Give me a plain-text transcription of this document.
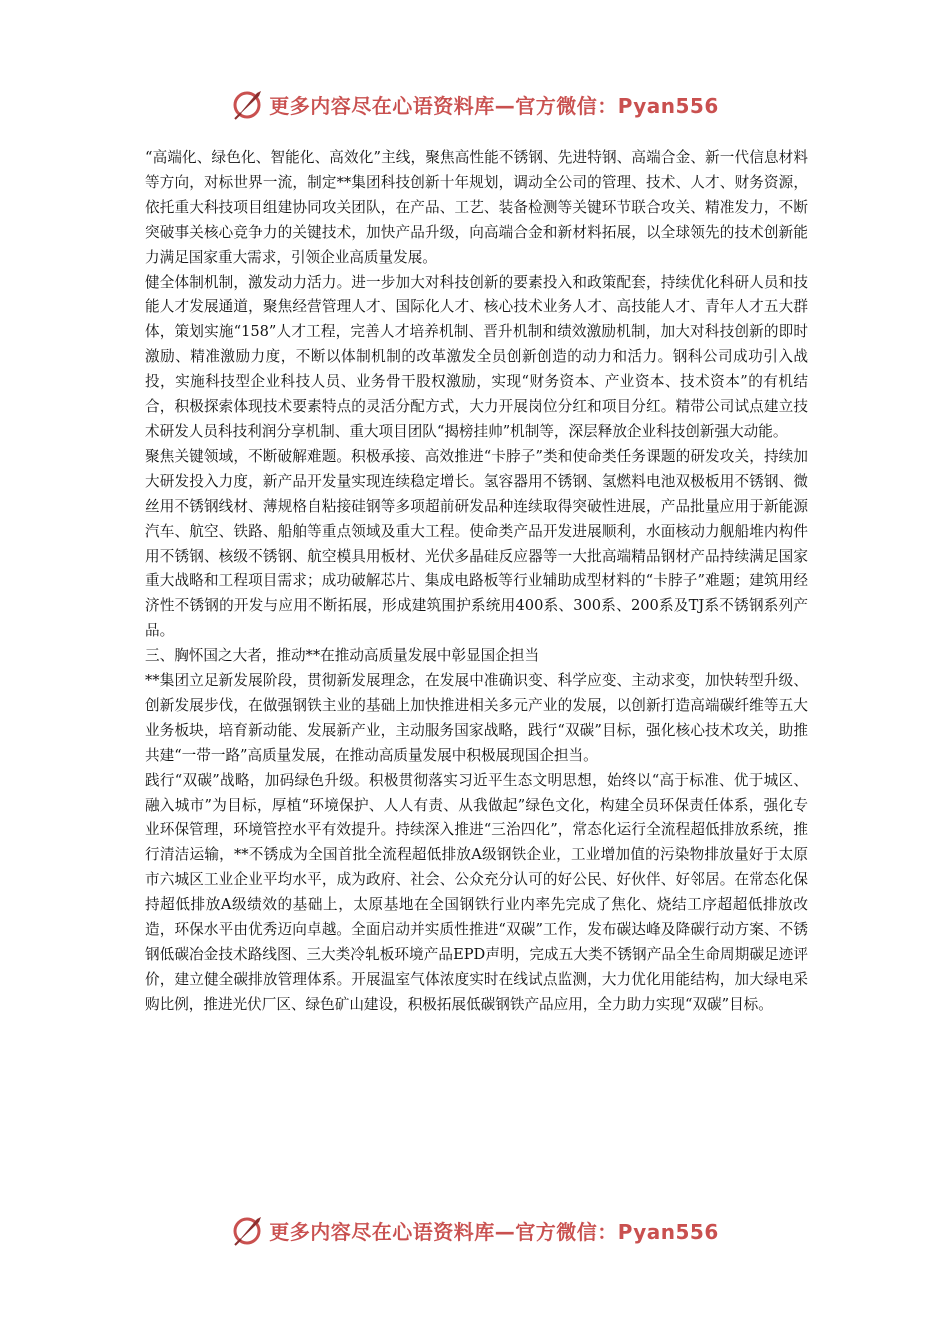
更多内容尽在心语资料库—官方微信：Pyan556

“高端化、绿色化、智能化、高效化”主线，聚焦高性能不锈钢、先进特钢、高端合金、新一代信息材料等方向，对标世界一流，制定**集团科技创新十年规划，调动全公司的管理、技术、人才、财务资源，依托重大科技项目组建协同攻关团队，在产品、工艺、装备检测等关键环节联合攻关、精准发力，不断突破事关核心竞争力的关键技术，加快产品升级，向高端合金和新材料拓展，以全球领先的技术创新能力满足国家重大需求，引领企业高质量发展。

健全体制机制，激发动力活力。进一步加大对科技创新的要素投入和政策配套，持续优化科研人员和技能人才发展通道，聚焦经营管理人才、国际化人才、核心技术业务人才、高技能人才、青年人才五大群体，策划实施“158”人才工程，完善人才培养机制、晋升机制和绩效激励机制，加大对科技创新的即时激励、精准激励力度，不断以体制机制的改革激发全员创新创造的动力和活力。钢科公司成功引入战投，实施科技型企业科技人员、业务骨干股权激励，实现“财务资本、产业资本、技术资本”的有机结合，积极探索体现技术要素特点的灵活分配方式，大力开展岗位分红和项目分红。精带公司试点建立技术研发人员科技利润分享机制、重大项目团队“揭榜挂帅”机制等，深层释放企业科技创新强大动能。

聚焦关键领域，不断破解难题。积极承接、高效推进“卡脖子”类和使命类任务课题的研发攻关，持续加大研发投入力度，新产品开发量实现连续稳定增长。氢容器用不锈钢、氢燃料电池双极板用不锈钢、微丝用不锈钢线材、薄规格自粘接硅钢等多项超前研发品种连续取得突破性进展，产品批量应用于新能源汽车、航空、铁路、船舶等重点领域及重大工程。使命类产品开发进展顺利，水面核动力舰船堆内构件用不锈钢、核级不锈钢、航空模具用板材、光伏多晶硅反应器等一大批高端精品钢材产品持续满足国家重大战略和工程项目需求；成功破解芯片、集成电路板等行业辅助成型材料的“卡脖子”难题；建筑用经济性不锈钢的开发与应用不断拓展，形成建筑围护系统用400系、300系、200系及TJ系不锈钢系列产品。

三、胸怀国之大者，推动**在推动高质量发展中彰显国企担当

**集团立足新发展阶段，贯彻新发展理念，在发展中准确识变、科学应变、主动求变，加快转型升级、创新发展步伐，在做强钢铁主业的基础上加快推进相关多元产业的发展，以创新打造高端碳纤维等五大业务板块，培育新动能、发展新产业，主动服务国家战略，践行“双碳”目标，强化核心技术攻关，助推共建“一带一路”高质量发展，在推动高质量发展中积极展现国企担当。

践行“双碳”战略，加码绿色升级。积极贯彻落实习近平生态文明思想，始终以“高于标准、优于城区、融入城市”为目标，厚植“环境保护、人人有责、从我做起”绿色文化，构建全员环保责任体系，强化专业环保管理，环境管控水平有效提升。持续深入推进“三治四化”，常态化运行全流程超低排放系统，推行清洁运输，**不锈成为全国首批全流程超低排放A级钢铁企业，工业增加值的污染物排放量好于太原市六城区工业企业平均水平，成为政府、社会、公众充分认可的好公民、好伙伴、好邻居。在常态化保持超低排放A级绩效的基础上，太原基地在全国钢铁行业内率先完成了焦化、烧结工序超超低排放改造，环保水平由优秀迈向卓越。全面启动并实质性推进“双碳”工作，发布碳达峰及降碳行动方案、不锈钢低碳冶金技术路线图、三大类冷轧板环境产品EPD声明，完成五大类不锈钢产品全生命周期碳足迹评价，建立健全碳排放管理体系。开展温室气体浓度实时在线试点监测，大力优化用能结构，加大绿电采购比例，推进光伏厂区、绿色矿山建设，积极拓展低碳钢铁产品应用，全力助力实现“双碳”目标。

更多内容尽在心语资料库—官方微信：Pyan556
